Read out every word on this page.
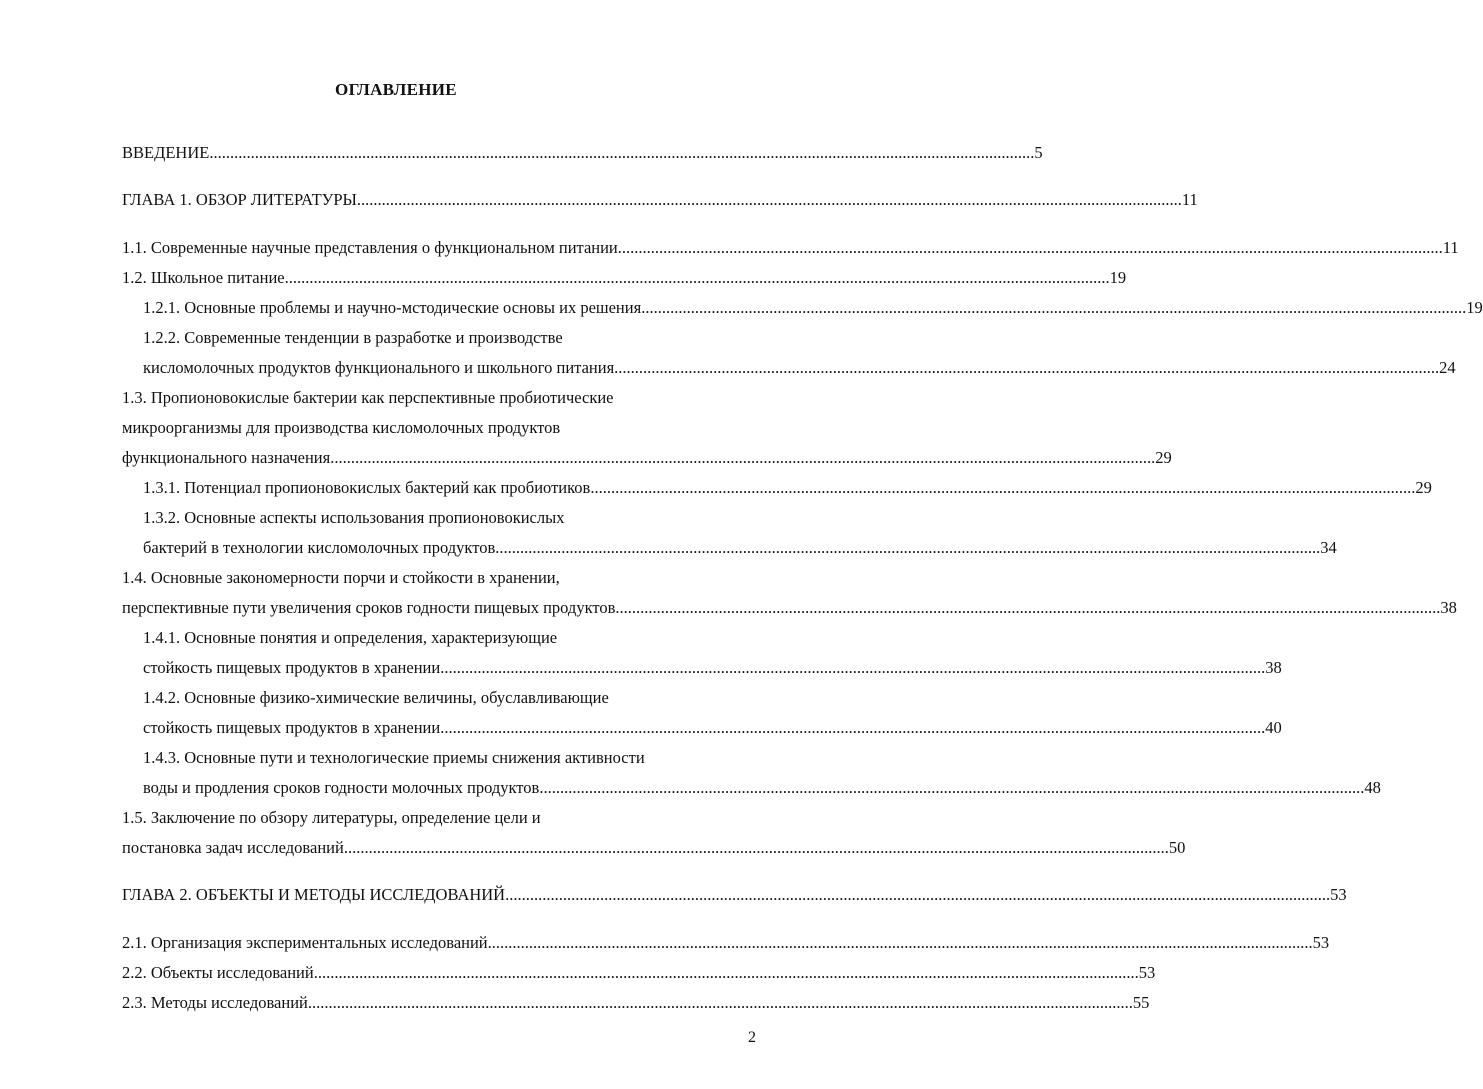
ОГЛАВЛЕНИЕ
ВВЕДЕНИЕ ........................................................................................................................................................................................................ 5
ГЛАВА 1. ОБЗОР ЛИТЕРАТУРЫ ........................................................................................................................................................................................................ 11
1.1. Современные научные представления о функциональном питании ........................................................................................................................................................................................................ 11
1.2. Школьное питание ........................................................................................................................................................................................................ 19
1.2.1. Основные проблемы и научно-мстодические основы их решения ........................................................................................................................................................................................................ 19
1.2.2. Современные тенденции в разработке и производстве
кисломолочных продуктов функционального и школьного питания ........................................................................................................................................................................................................ 24
1.3. Пропионовокислые бактерии как перспективные пробиотические
микроорганизмы для производства кисломолочных продуктов
функционального назначения ........................................................................................................................................................................................................ 29
1.3.1. Потенциал пропионовокислых бактерий как пробиотиков ........................................................................................................................................................................................................ 29
1.3.2. Основные аспекты использования пропионовокислых
бактерий в технологии кисломолочных продуктов ........................................................................................................................................................................................................ 34
1.4. Основные закономерности порчи и стойкости в хранении,
перспективные пути увеличения сроков годности пищевых продуктов ........................................................................................................................................................................................................ 38
1.4.1. Основные понятия и определения, характеризующие
стойкость пищевых продуктов в хранении ........................................................................................................................................................................................................ 38
1.4.2. Основные физико-химические величины, обуславливающие
стойкость пищевых продуктов в хранении ........................................................................................................................................................................................................ 40
1.4.3. Основные пути и технологические приемы снижения активности
воды и продления сроков годности молочных продуктов ........................................................................................................................................................................................................ 48
1.5. Заключение по обзору литературы, определение цели и
постановка задач исследований ........................................................................................................................................................................................................ 50
ГЛАВА 2. ОБЪЕКТЫ И МЕТОДЫ ИССЛЕДОВАНИЙ ........................................................................................................................................................................................................ 53
2.1. Организация экспериментальных исследований ........................................................................................................................................................................................................ 53
2.2. Объекты исследований ........................................................................................................................................................................................................ 53
2.3. Методы исследований ........................................................................................................................................................................................................ 55
2
